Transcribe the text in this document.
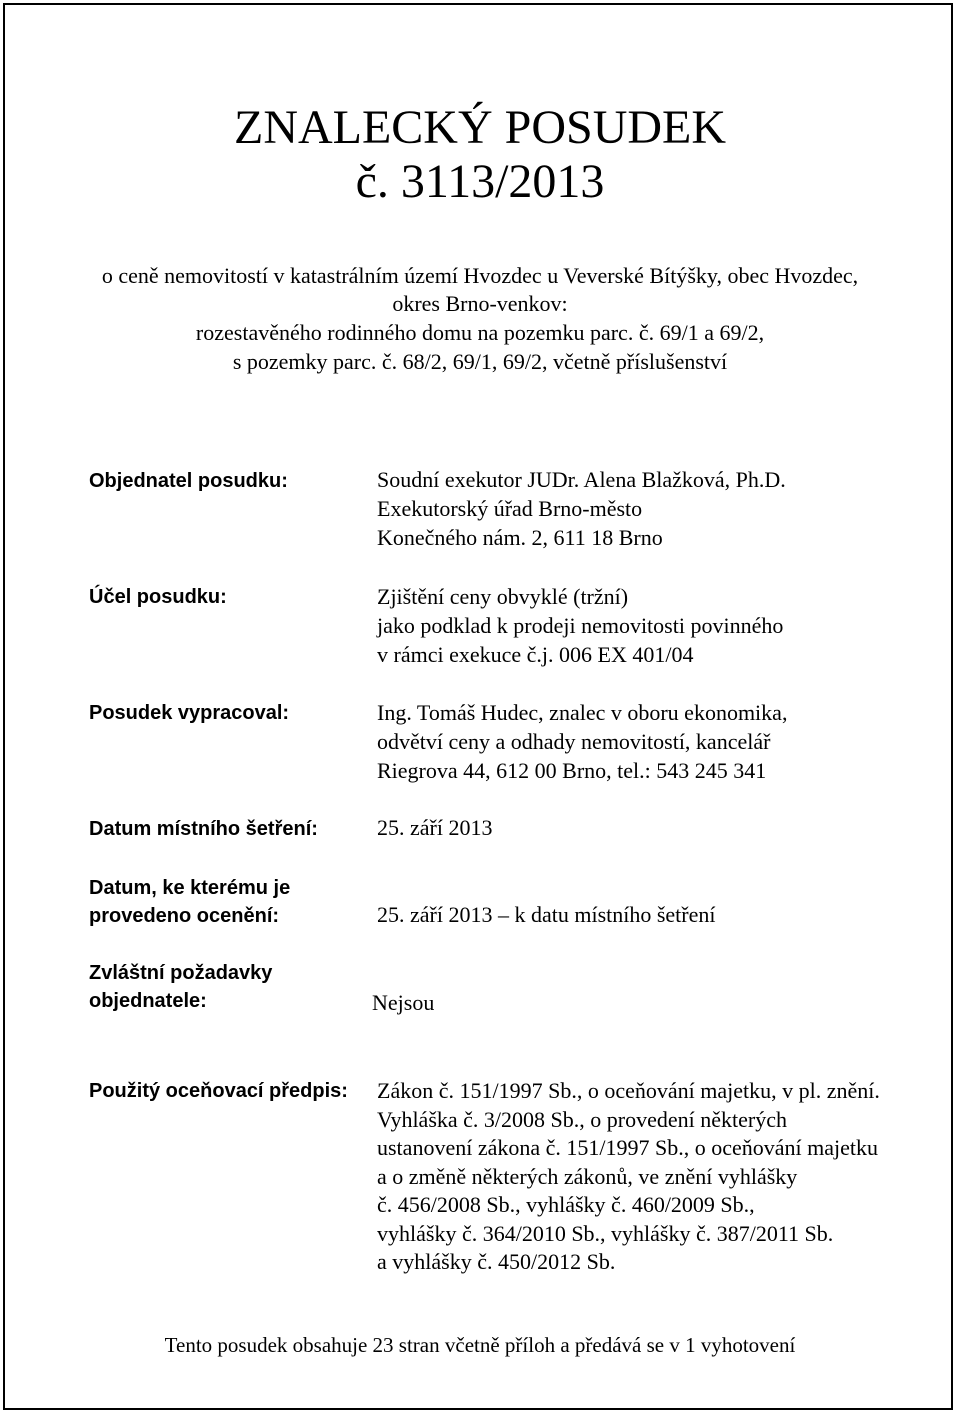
ZNALECKÝ POSUDEK
č. 3113/2013
o ceně nemovitostí v katastrálním území Hvozdec u Veverské Bítýšky, obec Hvozdec,
okres Brno-venkov:
rozestavěného rodinného domu na pozemku parc. č. 69/1 a 69/2,
s pozemky parc. č. 68/2, 69/1, 69/2, včetně příslušenství
Objednatel posudku:	Soudní exekutor JUDr. Alena Blažková, Ph.D.
Exekutorský úřad Brno-město
Konečného nám. 2, 611 18 Brno
Účel posudku:	Zjištění ceny obvyklé (tržní)
jako podklad k prodeji nemovitosti povinného
v rámci exekuce č.j. 006 EX 401/04
Posudek vypracoval:	Ing. Tomáš Hudec, znalec v oboru ekonomika,
odvětví ceny a odhady nemovitostí, kancelář
Riegrova 44, 612 00 Brno, tel.: 543 245 341
Datum místního šetření:	25. září 2013
Datum, ke kterému je
provedeno ocenění:	25. září 2013 – k datu místního šetření
Zvláštní požadavky
objednatele:	Nejsou
Použitý oceňovací předpis: Zákon č. 151/1997 Sb., o oceňování majetku, v pl. znění.
Vyhláška č. 3/2008 Sb., o provedení některých
ustanovení zákona č. 151/1997 Sb., o oceňování majetku
a o změně některých zákonů, ve znění vyhlášky
č. 456/2008 Sb., vyhlášky č. 460/2009 Sb.,
vyhlášky č. 364/2010 Sb., vyhlášky č. 387/2011 Sb.
a vyhlášky č. 450/2012 Sb.
Tento posudek obsahuje 23 stran včetně příloh a předává se v 1 vyhotovení
